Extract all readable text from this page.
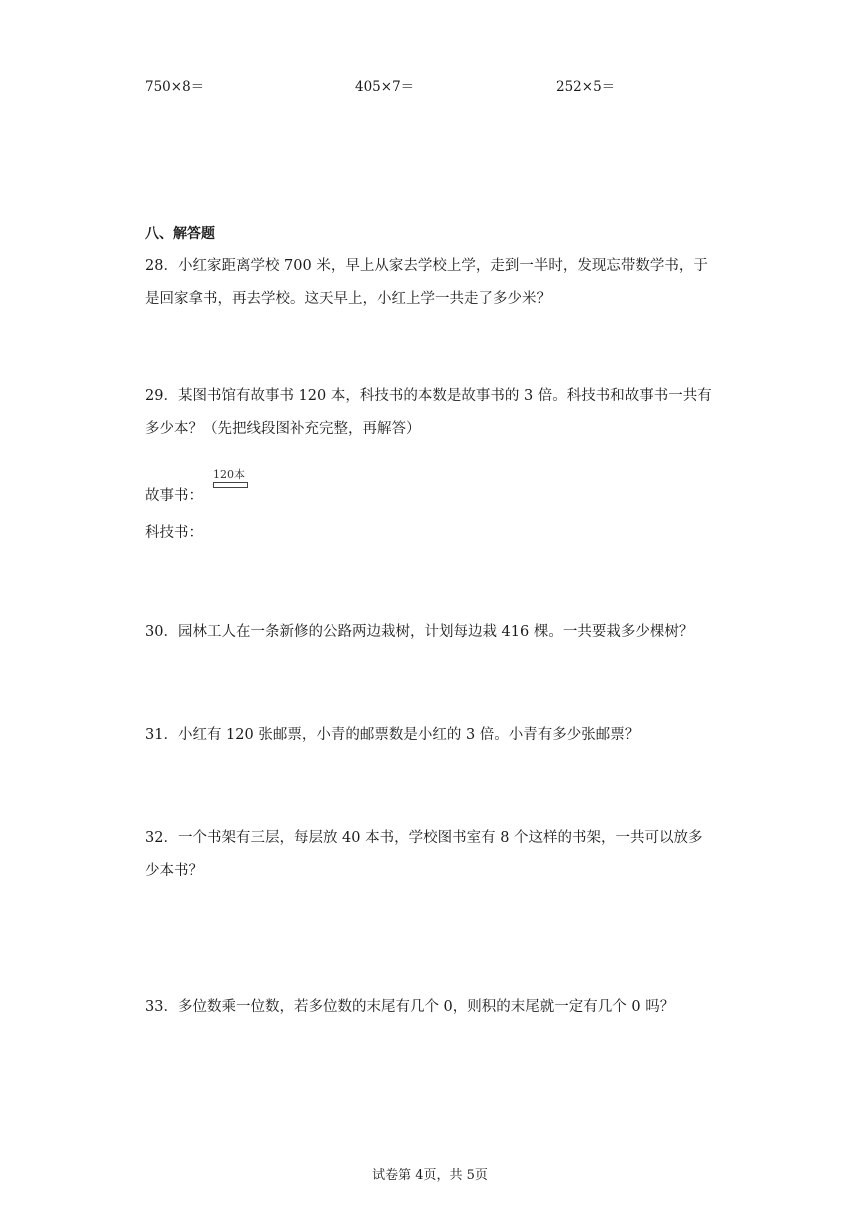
750×8＝	405×7＝	252×5＝
八、解答题
28．小红家距离学校 700 米，早上从家去学校上学，走到一半时，发现忘带数学书，于
是回家拿书，再去学校。这天早上，小红上学一共走了多少米？
29．某图书馆有故事书 120 本，科技书的本数是故事书的 3 倍。科技书和故事书一共有
多少本？（先把线段图补充完整，再解答）
120本
故事书：
科技书：
30．园林工人在一条新修的公路两边栽树，计划每边栽 416 棵。一共要栽多少棵树？
31．小红有 120 张邮票，小青的邮票数是小红的 3 倍。小青有多少张邮票？
32．一个书架有三层，每层放 40 本书，学校图书室有 8 个这样的书架，一共可以放多
少本书？
33．多位数乘一位数，若多位数的末尾有几个 0，则积的末尾就一定有几个 0 吗？
试卷第 4页，共 5页
